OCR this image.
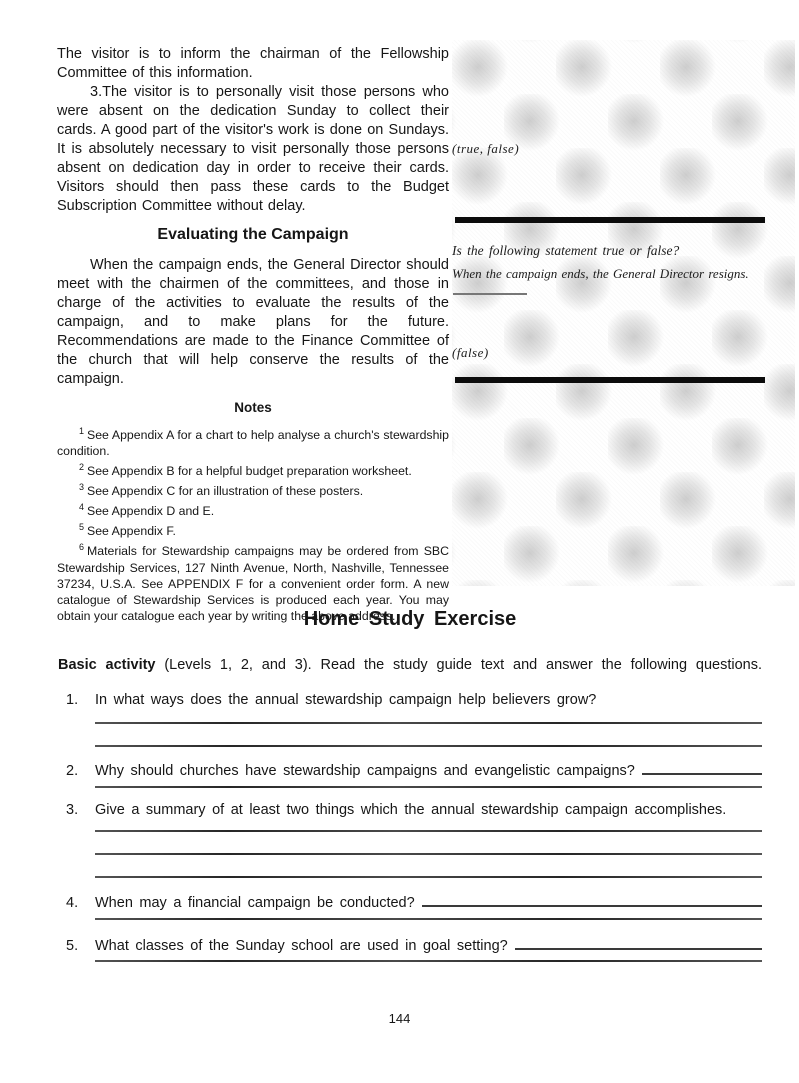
The visitor is to inform the chairman of the Fellowship Committee of this information.

3.The visitor is to personally visit those persons who were absent on the dedication Sunday to collect their cards. A good part of the visitor's work is done on Sundays. It is absolutely necessary to visit personally those persons absent on dedication day in order to receive their cards. Visitors should then pass these cards to the Budget Subscription Committee without delay.

Evaluating the Campaign

When the campaign ends, the General Director should meet with the chairmen of the committees, and those in charge of the activities to evaluate the results of the campaign, and to make plans for the future. Recommendations are made to the Finance Committee of the church that will help conserve the results of the campaign.

Notes

$^1$ See Appendix A for a chart to help analyse a church's stewardship condition.

$^2$ See Appendix B for a helpful budget preparation worksheet.

$^3$ See Appendix C for an illustration of these posters.

$^4$ See Appendix D and E.

$^5$ See Appendix F.

$^6$ Materials for Stewardship campaigns may be ordered from SBC Stewardship Services, 127 Ninth Avenue, North, Nashville, Tennessee 37234, U.S.A. See APPENDIX F for a convenient order form. A new catalogue of Stewardship Services is produced each year. You may obtain your catalogue each year by writing the above address.

(true, false)
Is the following statement true or false?
When the campaign ends, the General Director resigns.
(false)
Home Study Exercise
Basic activity (Levels 1, 2, and 3). Read the study guide text and answer the following questions.
1.	In what ways does the annual stewardship campaign help believers grow?
2.	Why should churches have stewardship campaigns and evangelistic campaigns?
3.	Give a summary of at least two things which the annual stewardship campaign accomplishes.
4.	When may a financial campaign be conducted?
5.	What classes of the Sunday school are used in goal setting?
144
